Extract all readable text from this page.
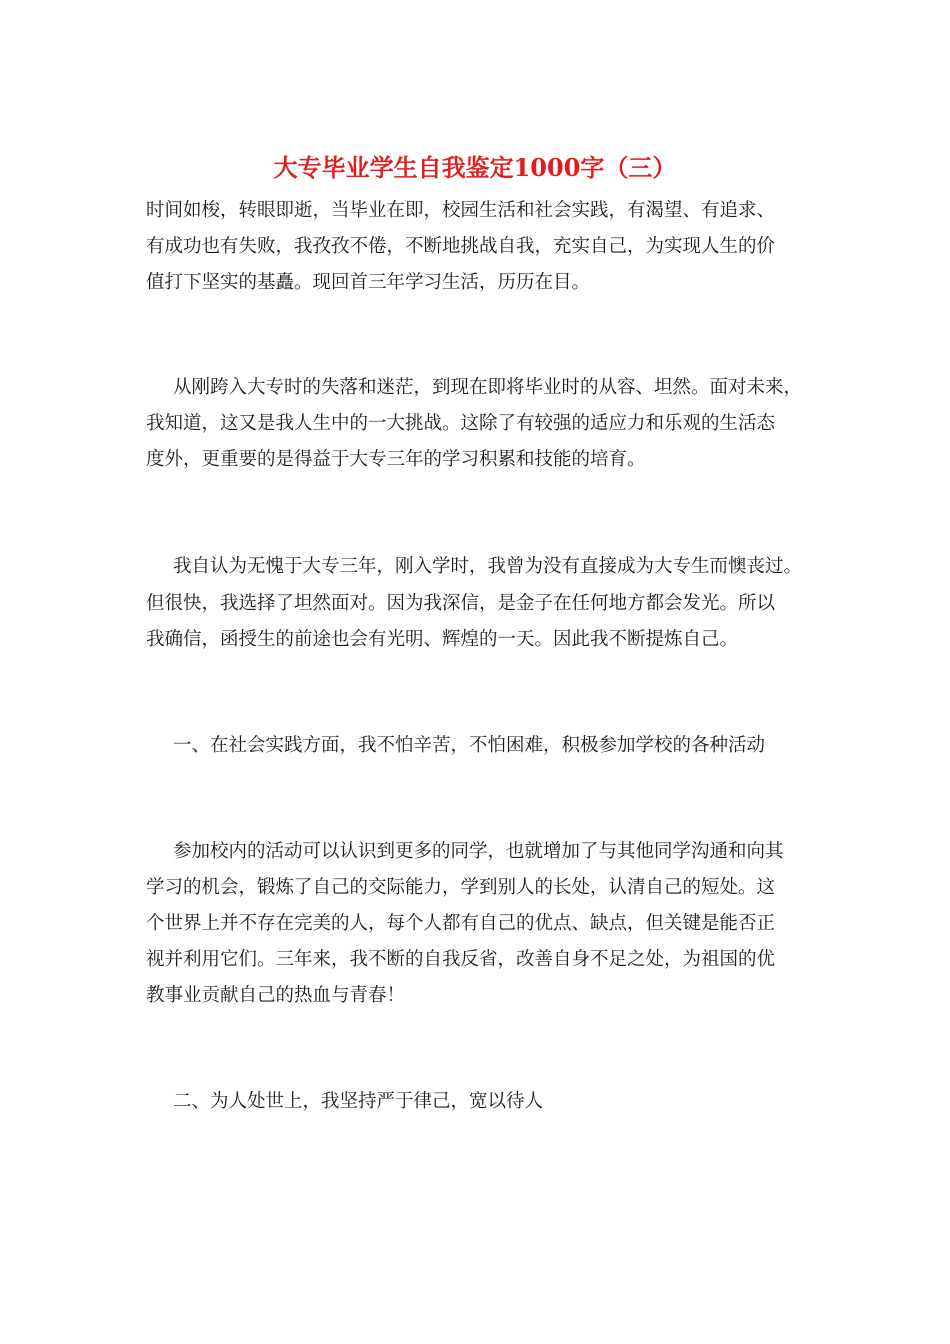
大专毕业学生自我鉴定1000字（三）
时间如梭，转眼即逝，当毕业在即，校园生活和社会实践，有渴望、有追求、
有成功也有失败，我孜孜不倦，不断地挑战自我，充实自己，为实现人生的价
值打下坚实的基矗。现回首三年学习生活，历历在目。
从刚跨入大专时的失落和迷茫，到现在即将毕业时的从容、坦然。面对未来，
我知道，这又是我人生中的一大挑战。这除了有较强的适应力和乐观的生活态
度外，更重要的是得益于大专三年的学习积累和技能的培育。
我自认为无愧于大专三年，刚入学时，我曾为没有直接成为大专生而懊丧过。
但很快，我选择了坦然面对。因为我深信，是金子在任何地方都会发光。所以
我确信，函授生的前途也会有光明、辉煌的一天。因此我不断提炼自己。
一、在社会实践方面，我不怕辛苦，不怕困难，积极参加学校的各种活动
参加校内的活动可以认识到更多的同学，也就增加了与其他同学沟通和向其
学习的机会，锻炼了自己的交际能力，学到别人的长处，认清自己的短处。这
个世界上并不存在完美的人，每个人都有自己的优点、缺点，但关键是能否正
视并利用它们。三年来，我不断的自我反省，改善自身不足之处，为祖国的优
教事业贡献自己的热血与青春！
二、为人处世上，我坚持严于律己，宽以待人
